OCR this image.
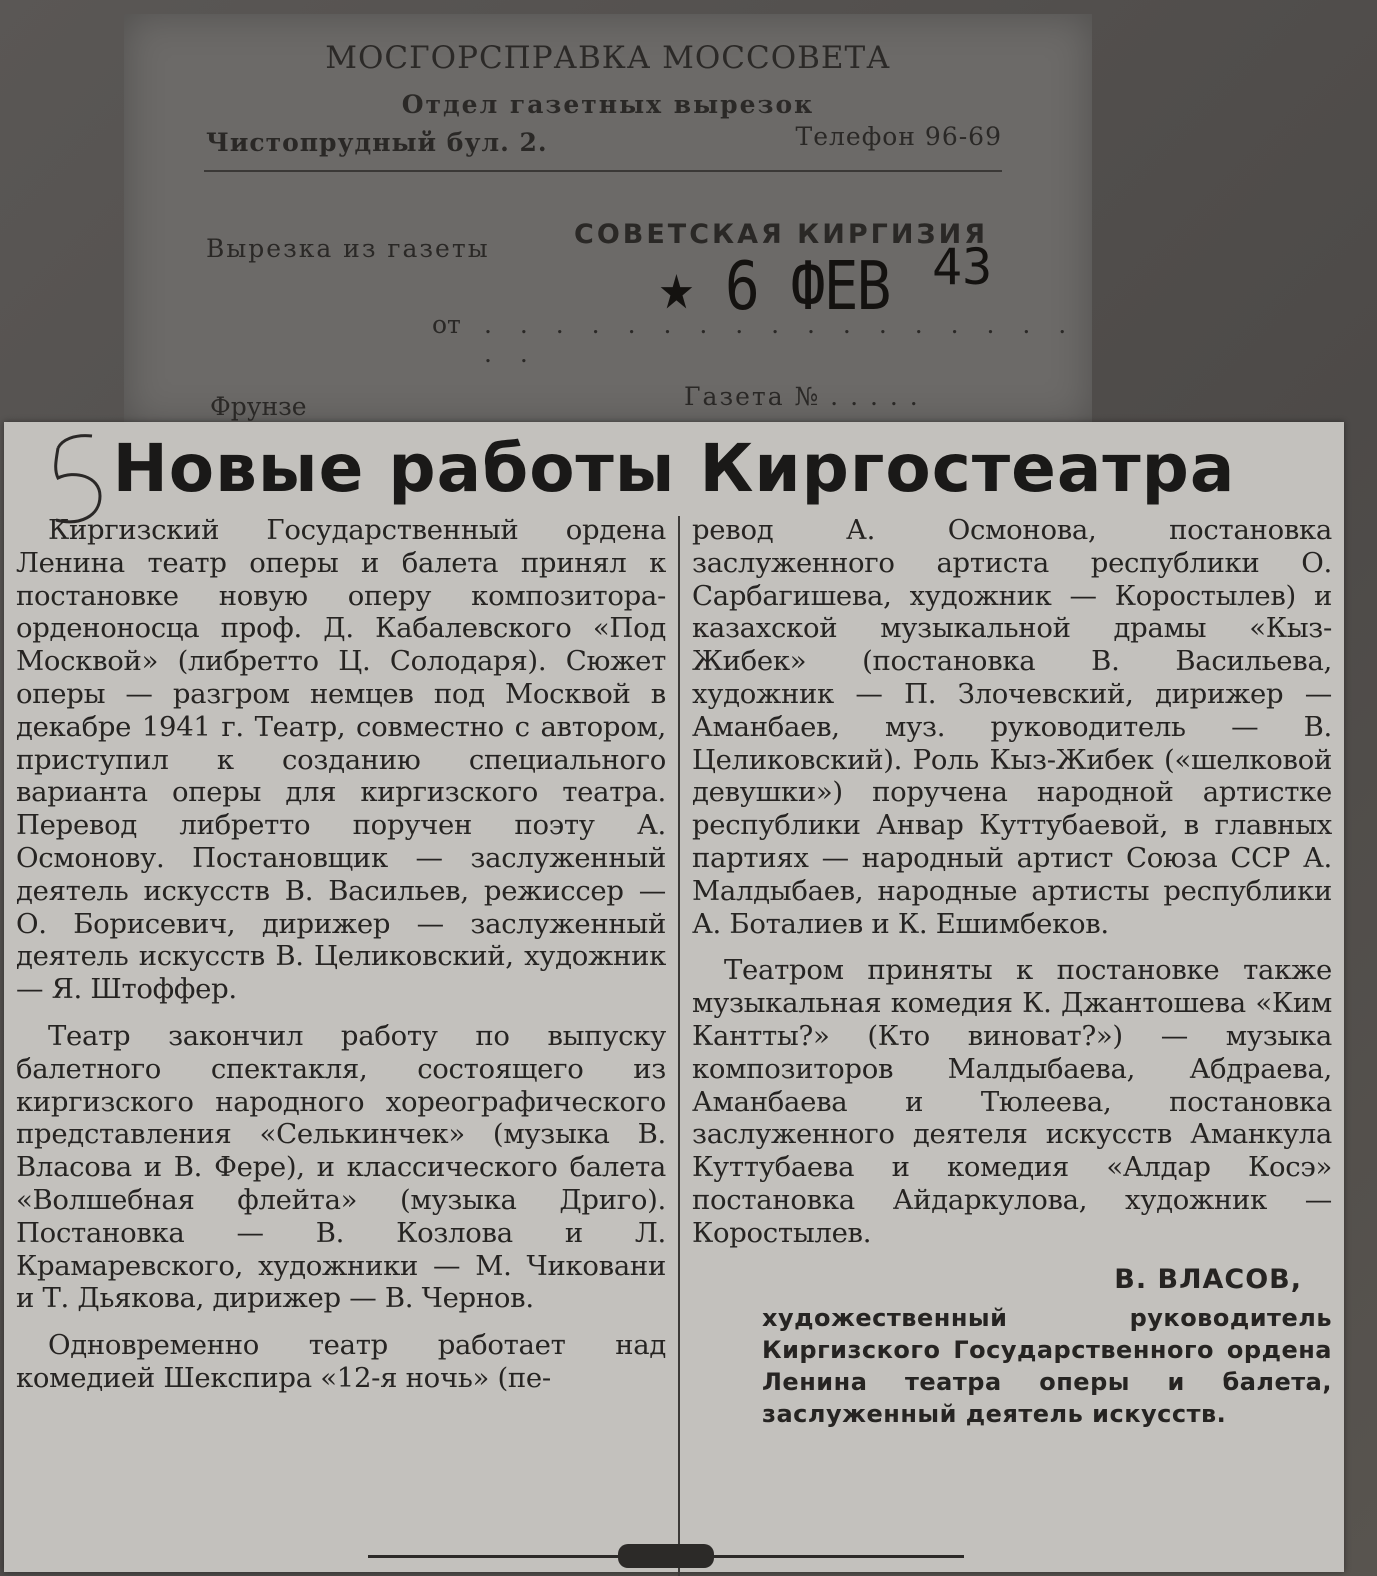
МОСГОРСПРАВКА МОССОВЕТА
Отдел газетных вырезок
Чистопрудный бул. 2.	Телефон 96-69
Вырезка из газеты	СОВЕТСКАЯ КИРГИЗИЯ
от . . . . . . . . . . . . . . . . . . .
★ 6 ФЕВ 43
Фрунзе	Газета № . . . . .
Новые работы Киргостеатра

Киргизский Государственный ордена Ленина театр оперы и балета принял к постановке новую оперу композитора-орденоносца проф. Д. Кабалевского «Под Москвой» (либретто Ц. Солодаря). Сюжет оперы — разгром немцев под Москвой в декабре 1941 г. Театр, совместно с автором, приступил к созданию специального варианта оперы для киргизского театра. Перевод либретто поручен поэту А. Осмонову. Постановщик — заслуженный деятель искусств В. Васильев, режиссер — О. Борисевич, дирижер — заслуженный деятель искусств В. Целиковский, художник — Я. Штоффер.

Театр закончил работу по выпуску балетного спектакля, состоящего из киргизского народного хореографического представления «Селькинчек» (музыка В. Власова и В. Фере), и классического балета «Волшебная флейта» (музыка Дриго). Постановка — В. Козлова и Л. Крамаревского, художники — М. Чиковани и Т. Дьякова, дирижер — В. Чернов.

Одновременно театр работает над комедией Шекспира «12-я ночь» (пе-

ревод А. Осмонова, постановка заслуженного артиста республики О. Сарбагишева, художник — Коростылев) и казахской музыкальной драмы «Кыз-Жибек» (постановка В. Васильева, художник — П. Злочевский, дирижер — Аманбаев, муз. руководитель — В. Целиковский). Роль Кыз-Жибек («шелковой девушки») поручена народной артистке республики Анвар Куттубаевой, в главных партиях — народный артист Союза ССР А. Малдыбаев, народные артисты республики А. Боталиев и К. Ешимбеков.

Театром приняты к постановке также музыкальная комедия К. Джантошева «Ким Кантты?» (Кто виноват?») — музыка композиторов Малдыбаева, Абдраева, Аманбаева и Тюлеева, постановка заслуженного деятеля искусств Аманкула Куттубаева и комедия «Алдар Косэ» постановка Айдаркулова, художник — Коростылев.

В. ВЛАСОВ,
художественный руководитель Киргизского Государственного ордена Ленина театра оперы и балета, заслуженный деятель искусств.
